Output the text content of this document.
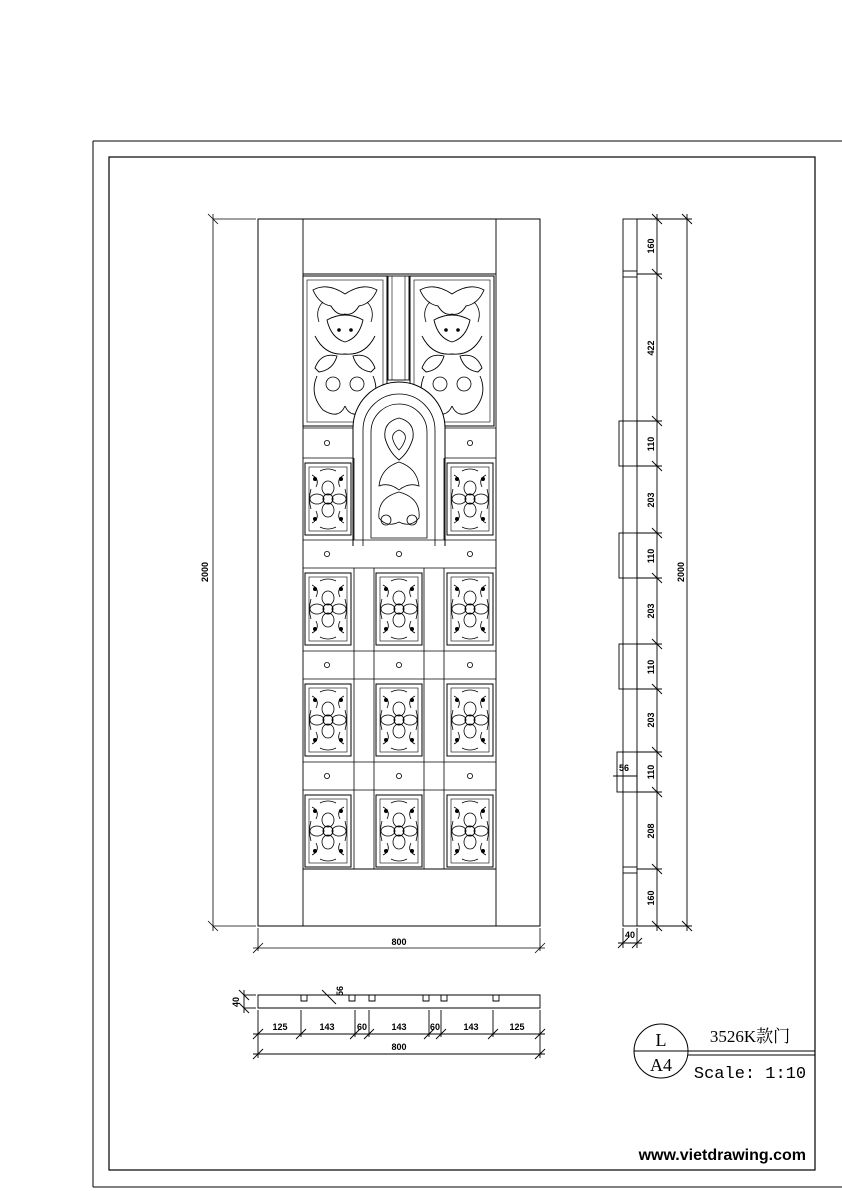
2000
800
160
422
110
203
110
203
110
203
110
208
160
2000
56
40
40
56
125	143 60	143	60	143	125
800	L
A4
3526K款门
Scale: 1:10
www.vietdrawing.com
